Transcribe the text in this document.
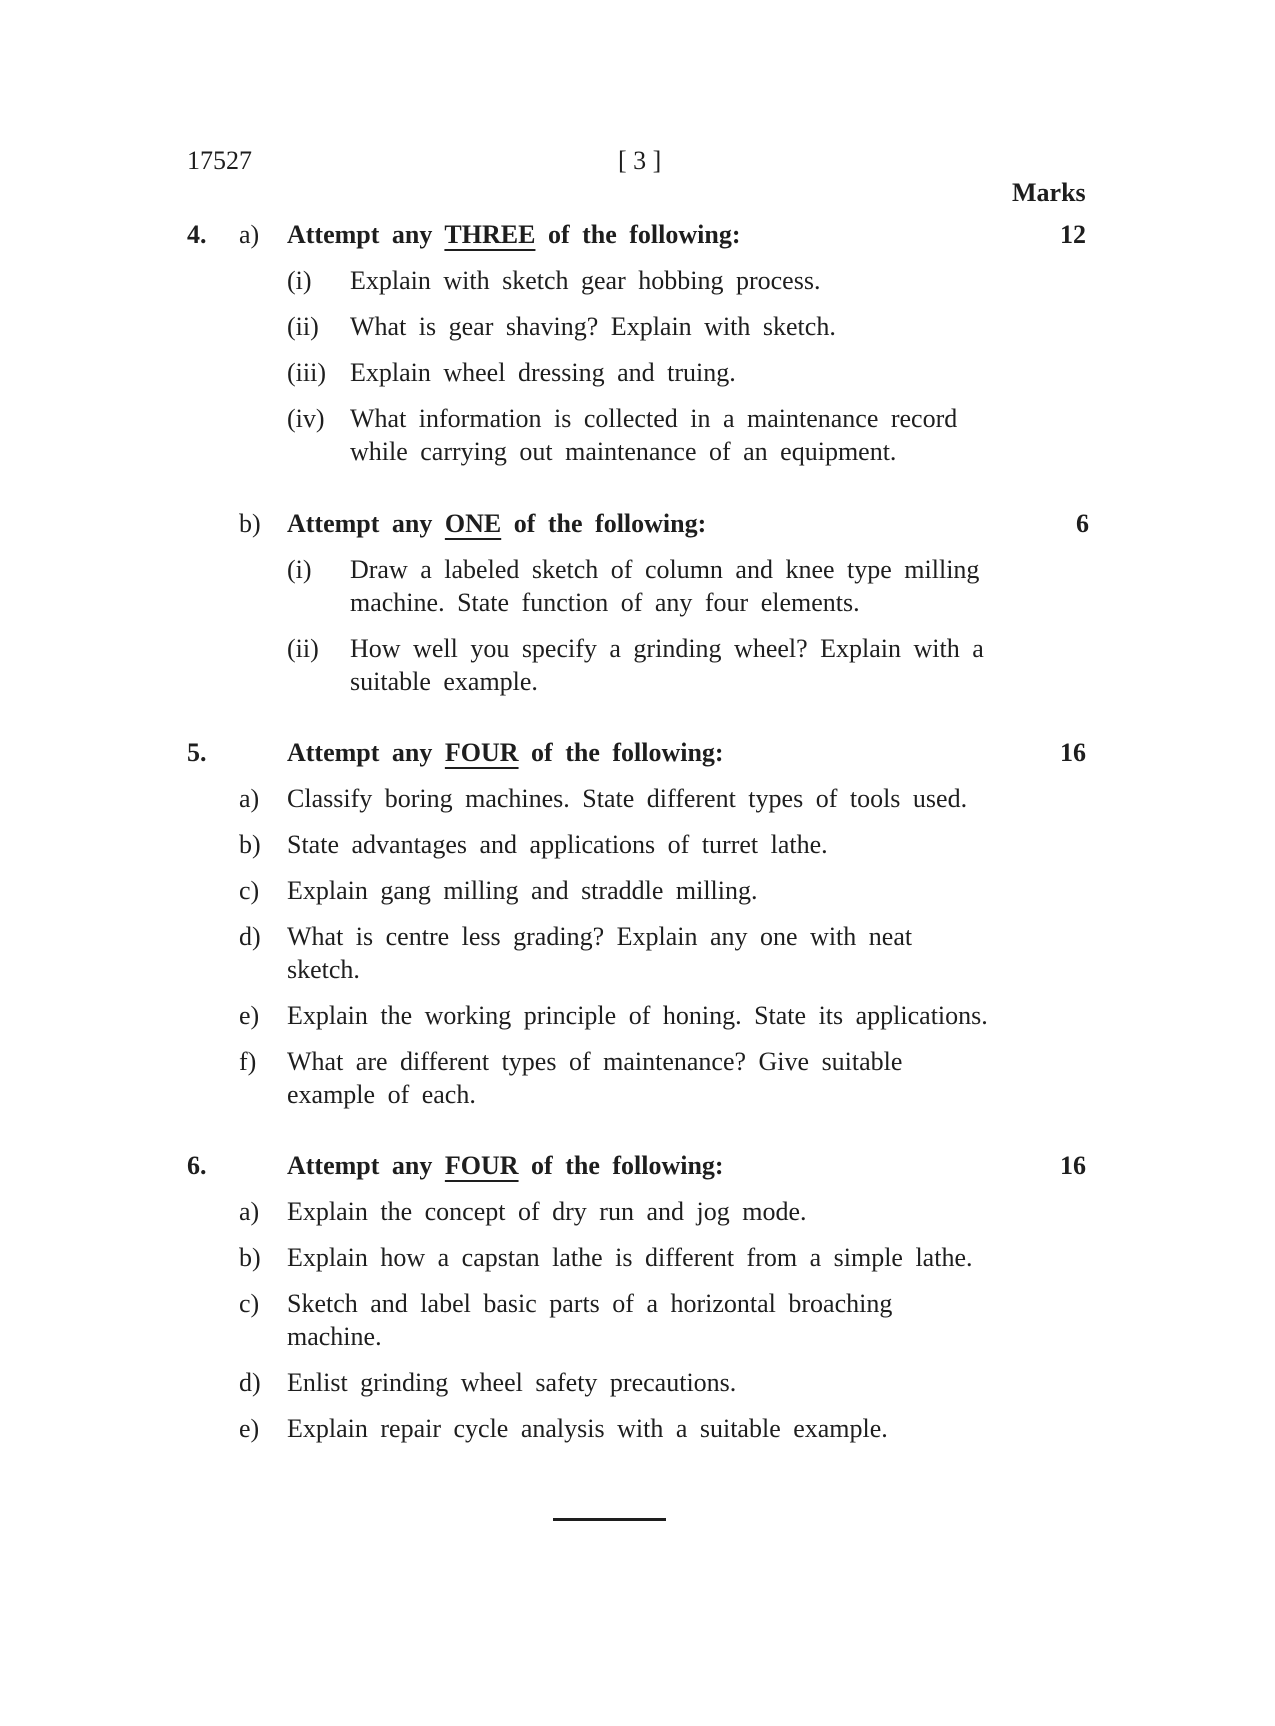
17527	[ 3 ]
Marks
4. a) Attempt any THREE of the following:	12
(i) Explain with sketch gear hobbing process.
(ii) What is gear shaving? Explain with sketch.
(iii) Explain wheel dressing and truing.
(iv) What information is collected in a maintenance record
while carrying out maintenance of an equipment.
b) Attempt any ONE of the following:	6
(i) Draw a labeled sketch of column and knee type milling
machine. State function of any four elements.
(ii) How well you specify a grinding wheel? Explain with a
suitable example.
5.	Attempt any FOUR of the following:	16
a) Classify boring machines. State different types of tools used.
b) State advantages and applications of turret lathe.
c) Explain gang milling and straddle milling.
d) What is centre less grading? Explain any one with neat
sketch.
e) Explain the working principle of honing. State its applications.
f) What are different types of maintenance? Give suitable
example of each.
6.	Attempt any FOUR of the following:	16
a) Explain the concept of dry run and jog mode.
b) Explain how a capstan lathe is different from a simple lathe.
c) Sketch and label basic parts of a horizontal broaching
machine.
d) Enlist grinding wheel safety precautions.
e) Explain repair cycle analysis with a suitable example.
